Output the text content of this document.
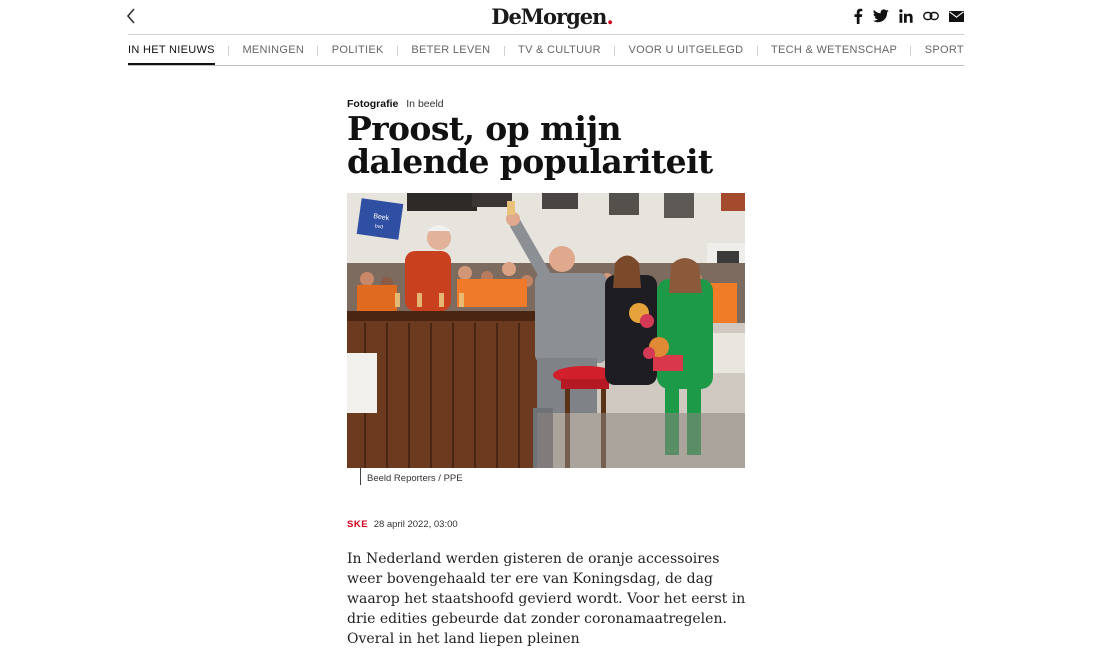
DeMorgen.
IN HET NIEUWS	MENINGEN	POLITIEK	BETER LEVEN	TV & CULTUUR	VOOR U UITGELEGD	TECH & WETENSCHAP	SPORT
Fotografie In beeld
Proost, op mijn dalende populariteit
Beek
bvd
Beeld Reporters / PPE
SKE 28 april 2022, 03:00

In Nederland werden gisteren de oranje accessoires weer bovengehaald ter ere van Koningsdag, de dag waarop het staatshoofd gevierd wordt. Voor het eerst in drie edities gebeurde dat zonder coronamaatregelen. Overal in het land liepen pleinen
